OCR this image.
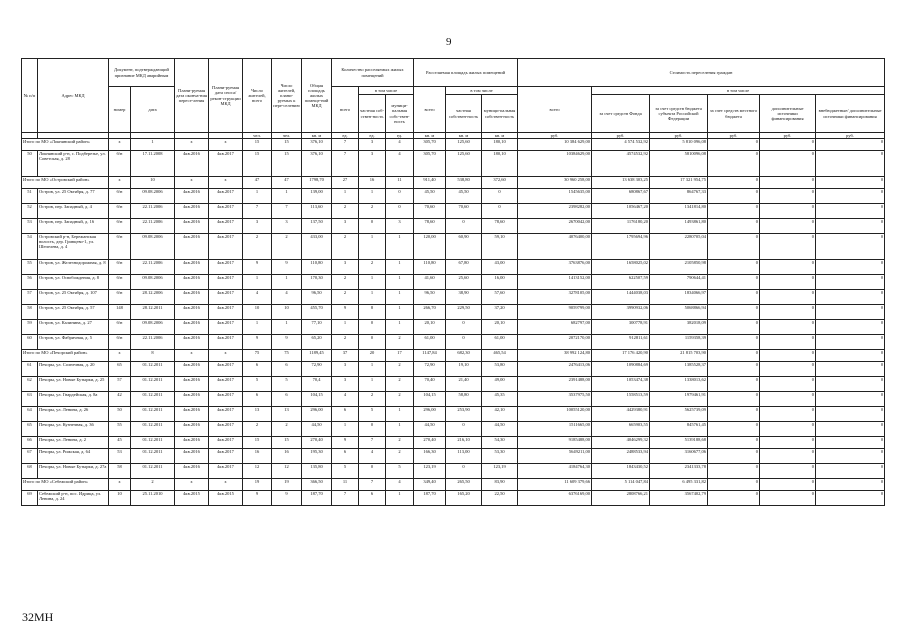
9
№ п/п	Адрес МКД	Документ, подтверждающий признание МКД аварийным		Плани-руемая дата оконча-ния пересе-ления	Плани-руемая дата сноса/ рекон-струкции МКД	Число жителей, всего	Число жителей, плани-руемых к пере-селению	Общая площадь жилых помеще-ний МКД	Количество расселяемых жилых помещений			Расселяемая площадь жилых помещений			Стоимость переселения граждан					
		номер	дата						всего	в том числе		всего	в том числе		всего	в том числе				
										частная соб-ствен-ность	муници-пальная собс-твен-ность		частная собствен-ность	муници-пальная собствен-ность		за счет средств Фонда	за счет средств бюджета субъекта Российской Федерации	за счет средств местного бюджета	дополнительные источники финансирования	внебюджетные/ дополнительные источники финансирования
						чел.	чел.	кв. м	ед.	ед.	ед.	кв. м	кв. м	кв. м	руб.	руб.	руб.	руб.	руб.	руб.
Итого по МО «Локнянский район»		x	1	x	x	15	15	376,10	7	3	4	305,70	125,60	180,10	10 384 629,00	4 574 532,92	5 810 096,08	0	0	0
50	Локнянский р-н, с. Подберезье, ул. Советская, д. 28	б/н	17.11.2008	4кв.2016	4кв.2017	15	15	376,10	7	3	4	305,70	125,60	180,10	10384629,00	4574532,92	5810096,08	0	0	0
Итого по МО «Островский район»		x	10	x	x	47	47	1798,70	27	16	11	911,40	538,80	372,60	30 960 258,00	13 638 303,25	17 321 954,75	0	0	0
51	Остров, ул. 25 Октября, д. 77	б/н	09.08.2006	4кв.2016	4кв.2017	1	1	139,00	1	1	0	45,50	45,50	0	1545635,00	680867,67	864767,33	0	0	0
52	Остров, пер. Западный, д. 4	б/н	22.11.2006	4кв.2016	4кв.2017	7	7	113,60	2	2	0	70,60	70,60	0	2398282,00	1056467,20	1341814,80	0	0	0
53	Остров, пер. Западный, д. 16	б/н	22.11.2006	4кв.2016	4кв.2017	3	3	137,50	3	0	3	78,60	0	78,60	2670042,00	1176180,20	1493861,80	0	0	0
54	Островский р-н, Бережанская волость, дер. Гривцево-1, ул. Шепелева, д. 4	б/н	09.08.2006	4кв.2016	4кв.2017	2	2	433,00	2	1	1	120,00	60,90	59,10	4076400,00	1795694,96	2280705,04	0	0	0
55	Остров, ул. Железнодорожная, д. 8	б/н	22.11.2006	4кв.2016	4кв.2017	9	9	110,80	3	2	1	110,80	67,80	43,00	3763876,00	1658025,02	2105850,98	0	0	0
56	Остров, ул. Освобождения, д. 8	б/н	09.08.2006	4кв.2016	4кв.2017	1	1	170,30	2	1	1	41,60	25,60	16,00	1413152,00	622507,59	790644,41	0	0	0
57	Остров, ул. 25 Октября, д. 107	б/н	28.12.2006	4кв.2016	4кв.2017	4	4	96,50	2	1	1	96,50	38,90	57,60	3278105,00	1444038,03	1834066,97	0	0	0
58	Остров, ул. 25 Октября, д. 57	148	28.12.2011	4кв.2016	4кв.2017	10	10	455,70	9	8	1	266,70	229,50	37,20	9059799,00	3990932,06	5068866,94	0	0	0
59	Остров, ул. Калинина, д. 27	б/н	09.08.2006	4кв.2016	4кв.2017	1	1	77,10	1	0	1	20,10	0	20,10	682797,00	300778,91	382018,09	0	0	0
60	Остров, ул. Фабричная, д. 5	б/н	22.11.2006	4кв.2016	4кв.2017	9	9	65,20	2	0	2	61,00	0	61,00	2072170,00	912811,61	1159358,39	0	0	0
Итого по МО «Печорский район»		x	8	x	x	75	75	1189,45	37	20	17	1147,84	682,30	465,54	38 992 124,80	17 176 420,90	21 815 703,90	0	0	0
61	Печоры, ул. Солнечная, д. 20	65	01.12.2011	4кв.2016	4кв.2017	6	6	72,90	3	1	2	72,90	19,10	53,80	2476413,06	1090884,69	1385528,37	0	0	0
62	Печоры, ул. Новые Бутырки, д. 25	57	01.12.2011	4кв.2016	4кв.2017	5	5	70,4	3	1	2	70,40	21,40	49,00	2391488,00	1053474,38	1338013,62	0	0	0
63	Печоры, ул. Гвардейская, д. 8а	42	01.12.2011	4кв.2016	4кв.2017	6	6	104,15	4	2	2	104,15	58,80	45,35	3537975,50	1558513,59	1979461,91	0	0	0
64	Печоры, ул. Ленина, д. 26	50	01.12.2011	4кв.2016	4кв.2017	13	13	296,00	6	5	1	296,00	253,90	42,10	10055120,00	4429380,91	5625739,09	0	0	0
65	Печоры, ул. Кузнечная, д. 36	55	01.12.2011	4кв.2016	4кв.2017	2	2	44,50	1	0	1	44,50	0	44,50	1511665,00	665903,55	845761,45	0	0	0
66	Печоры, ул. Ленина, д. 2	45	01.12.2011	4кв.2016	4кв.2017	15	15	270,40	9	7	2	270,40	216,10	54,30	9185488,00	4046299,32	5139188,68	0	0	0
67	Печоры, ул. Рижская, д. 64	53	01.12.2011	4кв.2016	4кв.2017	16	16	195,30	6	4	2	166,30	113,00	53,30	5649211,00	2488533,94	3160677,06	0	0	0
68	Печоры, ул. Новые Бутырки, д. 27а	58	01.12.2011	4кв.2016	4кв.2017	12	12	135,80	5	0	5	123,19	0	123,19	4184764,30	1843430,52	2341333,78	0	0	0
Итого по МО «Себежский район»		x	2	x	x	19	19	366,50	11	7	4	349,40	265,50	83,90	11 609 379,66	5 114 047,84	6 495 331,82	0	0	0
69	Себежский р-н, пос. Идрица, ул. Ленина, д. 24	10	25.11.2010	4кв.2015	4кв.2015	9	9	187,70	7	6	1	187,70	165,20	22,50	6376169,00	2808766,21	3567402,79	0	0	0
32MH
